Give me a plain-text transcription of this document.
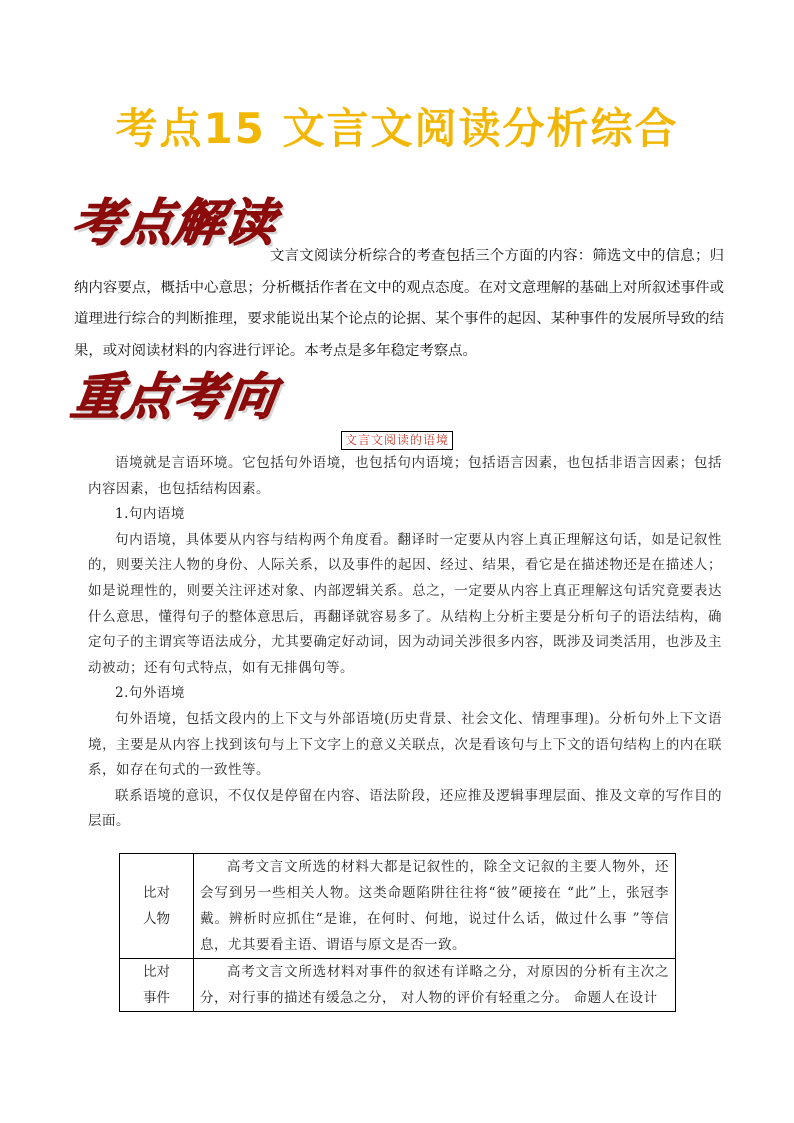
考点15 文言文阅读分析综合
考点解读

文言文阅读分析综合的考查包括三个方面的内容：筛选文中的信息；归纳内容要点，概括中心意思；分析概括作者在文中的观点态度。在对文意理解的基础上对所叙述事件或道理进行综合的判断推理，要求能说出某个论点的论据、某个事件的起因、某种事件的发展所导致的结果，或对阅读材料的内容进行评论。本考点是多年稳定考察点。

重点考向
文言文阅读的语境

语境就是言语环境。它包括句外语境，也包括句内语境；包括语言因素，也包括非语言因素；包括内容因素，也包括结构因素。

1.句内语境

句内语境，具体要从内容与结构两个角度看。翻译时一定要从内容上真正理解这句话，如是记叙性的，则要关注人物的身份、人际关系，以及事件的起因、经过、结果，看它是在描述物还是在描述人；如是说理性的，则要关注评述对象、内部逻辑关系。总之，一定要从内容上真正理解这句话究竟要表达什么意思，懂得句子的整体意思后，再翻译就容易多了。从结构上分析主要是分析句子的语法结构，确定句子的主谓宾等语法成分，尤其要确定好动词，因为动词关涉很多内容，既涉及词类活用，也涉及主动被动；还有句式特点，如有无排偶句等。

2.句外语境

句外语境，包括文段内的上下文与外部语境(历史背景、社会文化、情理事理)。分析句外上下文语境，主要是从内容上找到该句与上下文字上的意义关联点，次是看该句与上下文的语句结构上的内在联系，如存在句式的一致性等。

联系语境的意识，不仅仅是停留在内容、语法阶段，还应推及逻辑事理层面、推及文章的写作目的层面。

比对
人物	高考文言文所选的材料大都是记叙性的，除全文记叙的主要人物外，还会写到另一些相关人物。这类命题陷阱往往将“彼”硬接在 “此”上，张冠李戴。辨析时应抓住“是谁，在何时、何地，说过什么话，做过什么事 ”等信息，尤其要看主语、谓语与原文是否一致。

比对
事件	高考文言文所选材料对事件的叙述有详略之分，对原因的分析有主次之分，对行事的描述有缓急之分， 对人物的评价有轻重之分。 命题人在设计
